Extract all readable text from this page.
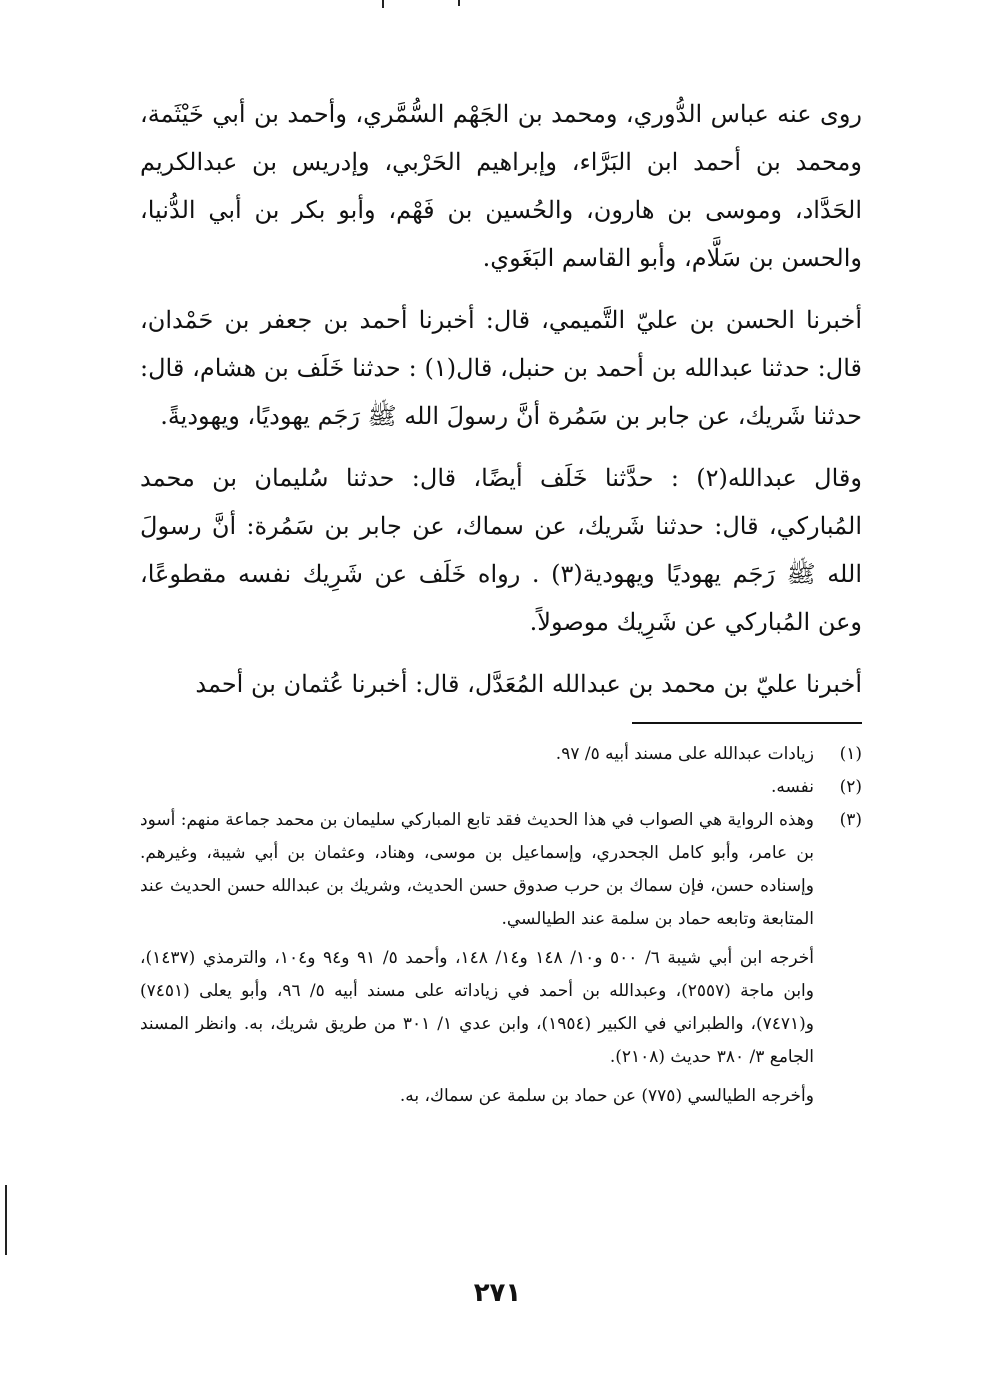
روى عنه عباس الدُّوري، ومحمد بن الجَهْم السُّمَّري، وأحمد بن أبي خَيْثَمة، ومحمد بن أحمد ابن البَرَّاء، وإبراهيم الحَرْبي، وإدريس بن عبدالكريم الحَدَّاد، وموسى بن هارون، والحُسين بن فَهْم، وأبو بكر بن أبي الدُّنيا، والحسن بن سَلَّام، وأبو القاسم البَغَوي.

أخبرنا الحسن بن عليّ التَّميمي، قال: أخبرنا أحمد بن جعفر بن حَمْدان، قال: حدثنا عبدالله بن أحمد بن حنبل، قال(١) : حدثنا خَلَف بن هشام، قال: حدثنا شَريك، عن جابر بن سَمُرة أنَّ رسولَ الله ﷺ رَجَم يهوديًا، ويهوديةً.

وقال عبدالله(٢) : حدَّثنا خَلَف أيضًا، قال: حدثنا سُليمان بن محمد المُباركي، قال: حدثنا شَريك، عن سماك، عن جابر بن سَمُرة: أنَّ رسولَ الله ﷺ رَجَم يهوديًا ويهودية(٣) . رواه خَلَف عن شَرِيك نفسه مقطوعًا، وعن المُباركي عن شَرِيك موصولاً.

أخبرنا عليّ بن محمد بن عبدالله المُعَدَّل، قال: أخبرنا عُثمان بن أحمد

(١)
زيادات عبدالله على مسند أبيه ٥/ ٩٧.
(٢)
نفسه.
(٣)
وهذه الرواية هي الصواب في هذا الحديث فقد تابع المباركي سليمان بن محمد جماعة منهم: أسود بن عامر، وأبو كامل الجحدري، وإسماعيل بن موسى، وهناد، وعثمان بن أبي شيبة، وغيرهم. وإسناده حسن، فإن سماك بن حرب صدوق حسن الحديث، وشريك بن عبدالله حسن الحديث عند المتابعة وتابعه حماد بن سلمة عند الطيالسي.

أخرجه ابن أبي شيبة ٦/ ٥٠٠ و١٠/ ١٤٨ و١٤/ ١٤٨، وأحمد ٥/ ٩١ و٩٤ و١٠٤، والترمذي (١٤٣٧)، وابن ماجة (٢٥٥٧)، وعبدالله بن أحمد في زياداته على مسند أبيه ٥/ ٩٦، وأبو يعلى (٧٤٥١) و(٧٤٧١)، والطبراني في الكبير (١٩٥٤)، وابن عدي ١/ ٣٠١ من طريق شريك، به. وانظر المسند الجامع ٣/ ٣٨٠ حديث (٢١٠٨).

وأخرجه الطيالسي (٧٧٥) عن حماد بن سلمة عن سماك، به.

٢٧١
